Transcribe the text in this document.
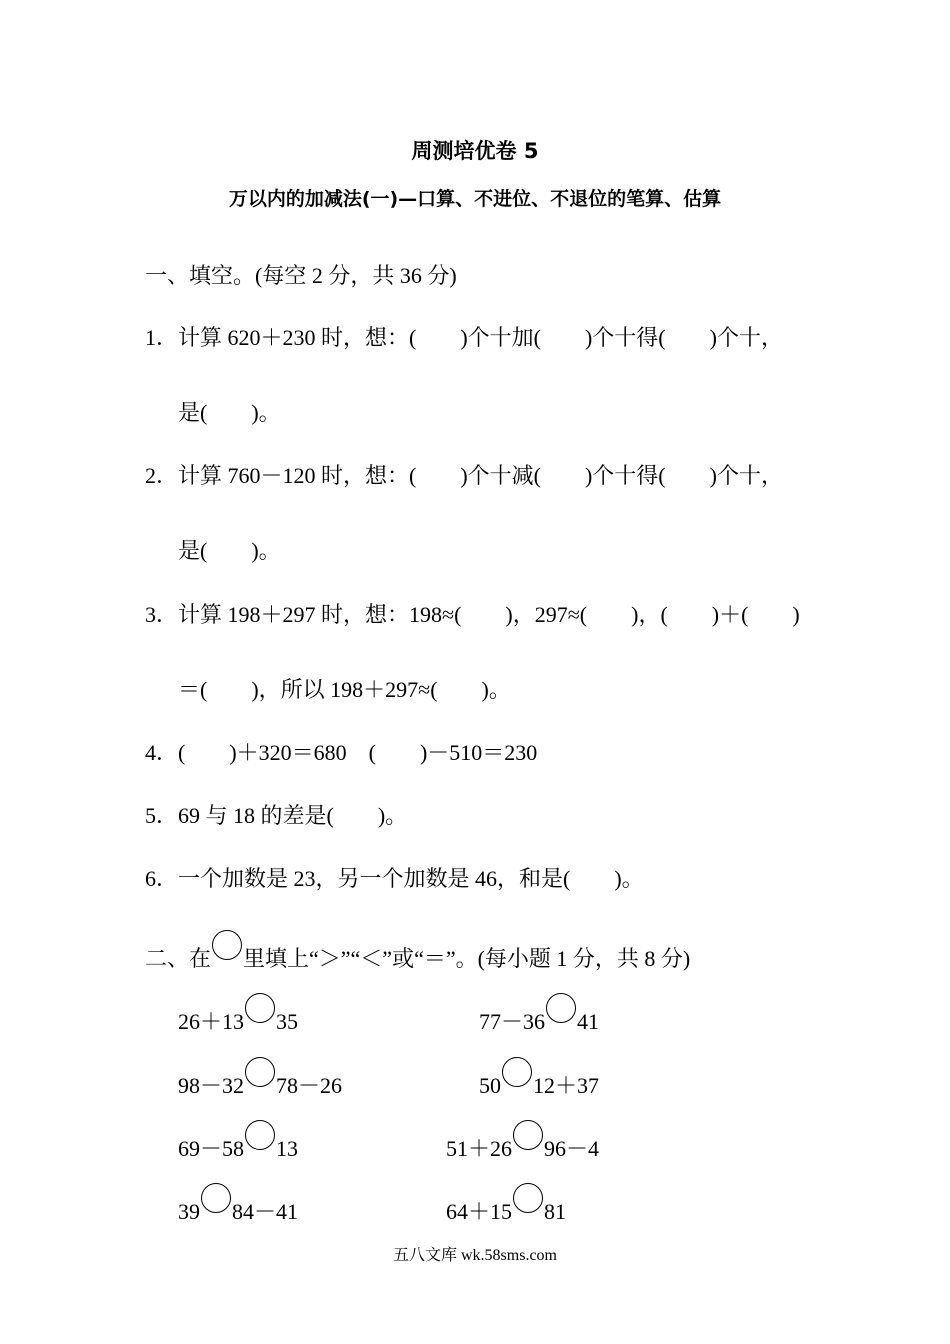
周测培优卷 5
万以内的加减法(一)—口算、不进位、不退位的笔算、估算
一、填空。(每空 2 分，共 36 分)
1．计算 620＋230 时，想：(　　)个十加(　　)个十得(　　)个十，
是(　　)。
2．计算 760－120 时，想：(　　)个十减(　　)个十得(　　)个十，
是(　　)。
3．计算 198＋297 时，想：198≈(　　)，297≈(　　)，(　　)＋(　　)
＝(　　)，所以 198＋297≈(　　)。
4．(　　)＋320＝680　(　　)－510＝230
5．69 与 18 的差是(　　)。
6．一个加数是 23，另一个加数是 46，和是(　　)。
二、在 里填上“＞”“＜”或“＝”。(每小题 1 分，共 8 分)
26＋13 35	77－36 41
98－32 78－26	50 12＋37
69－58 13	51＋26 96－4
39 84－41	64＋15 81
五八文库 wk.58sms.com
